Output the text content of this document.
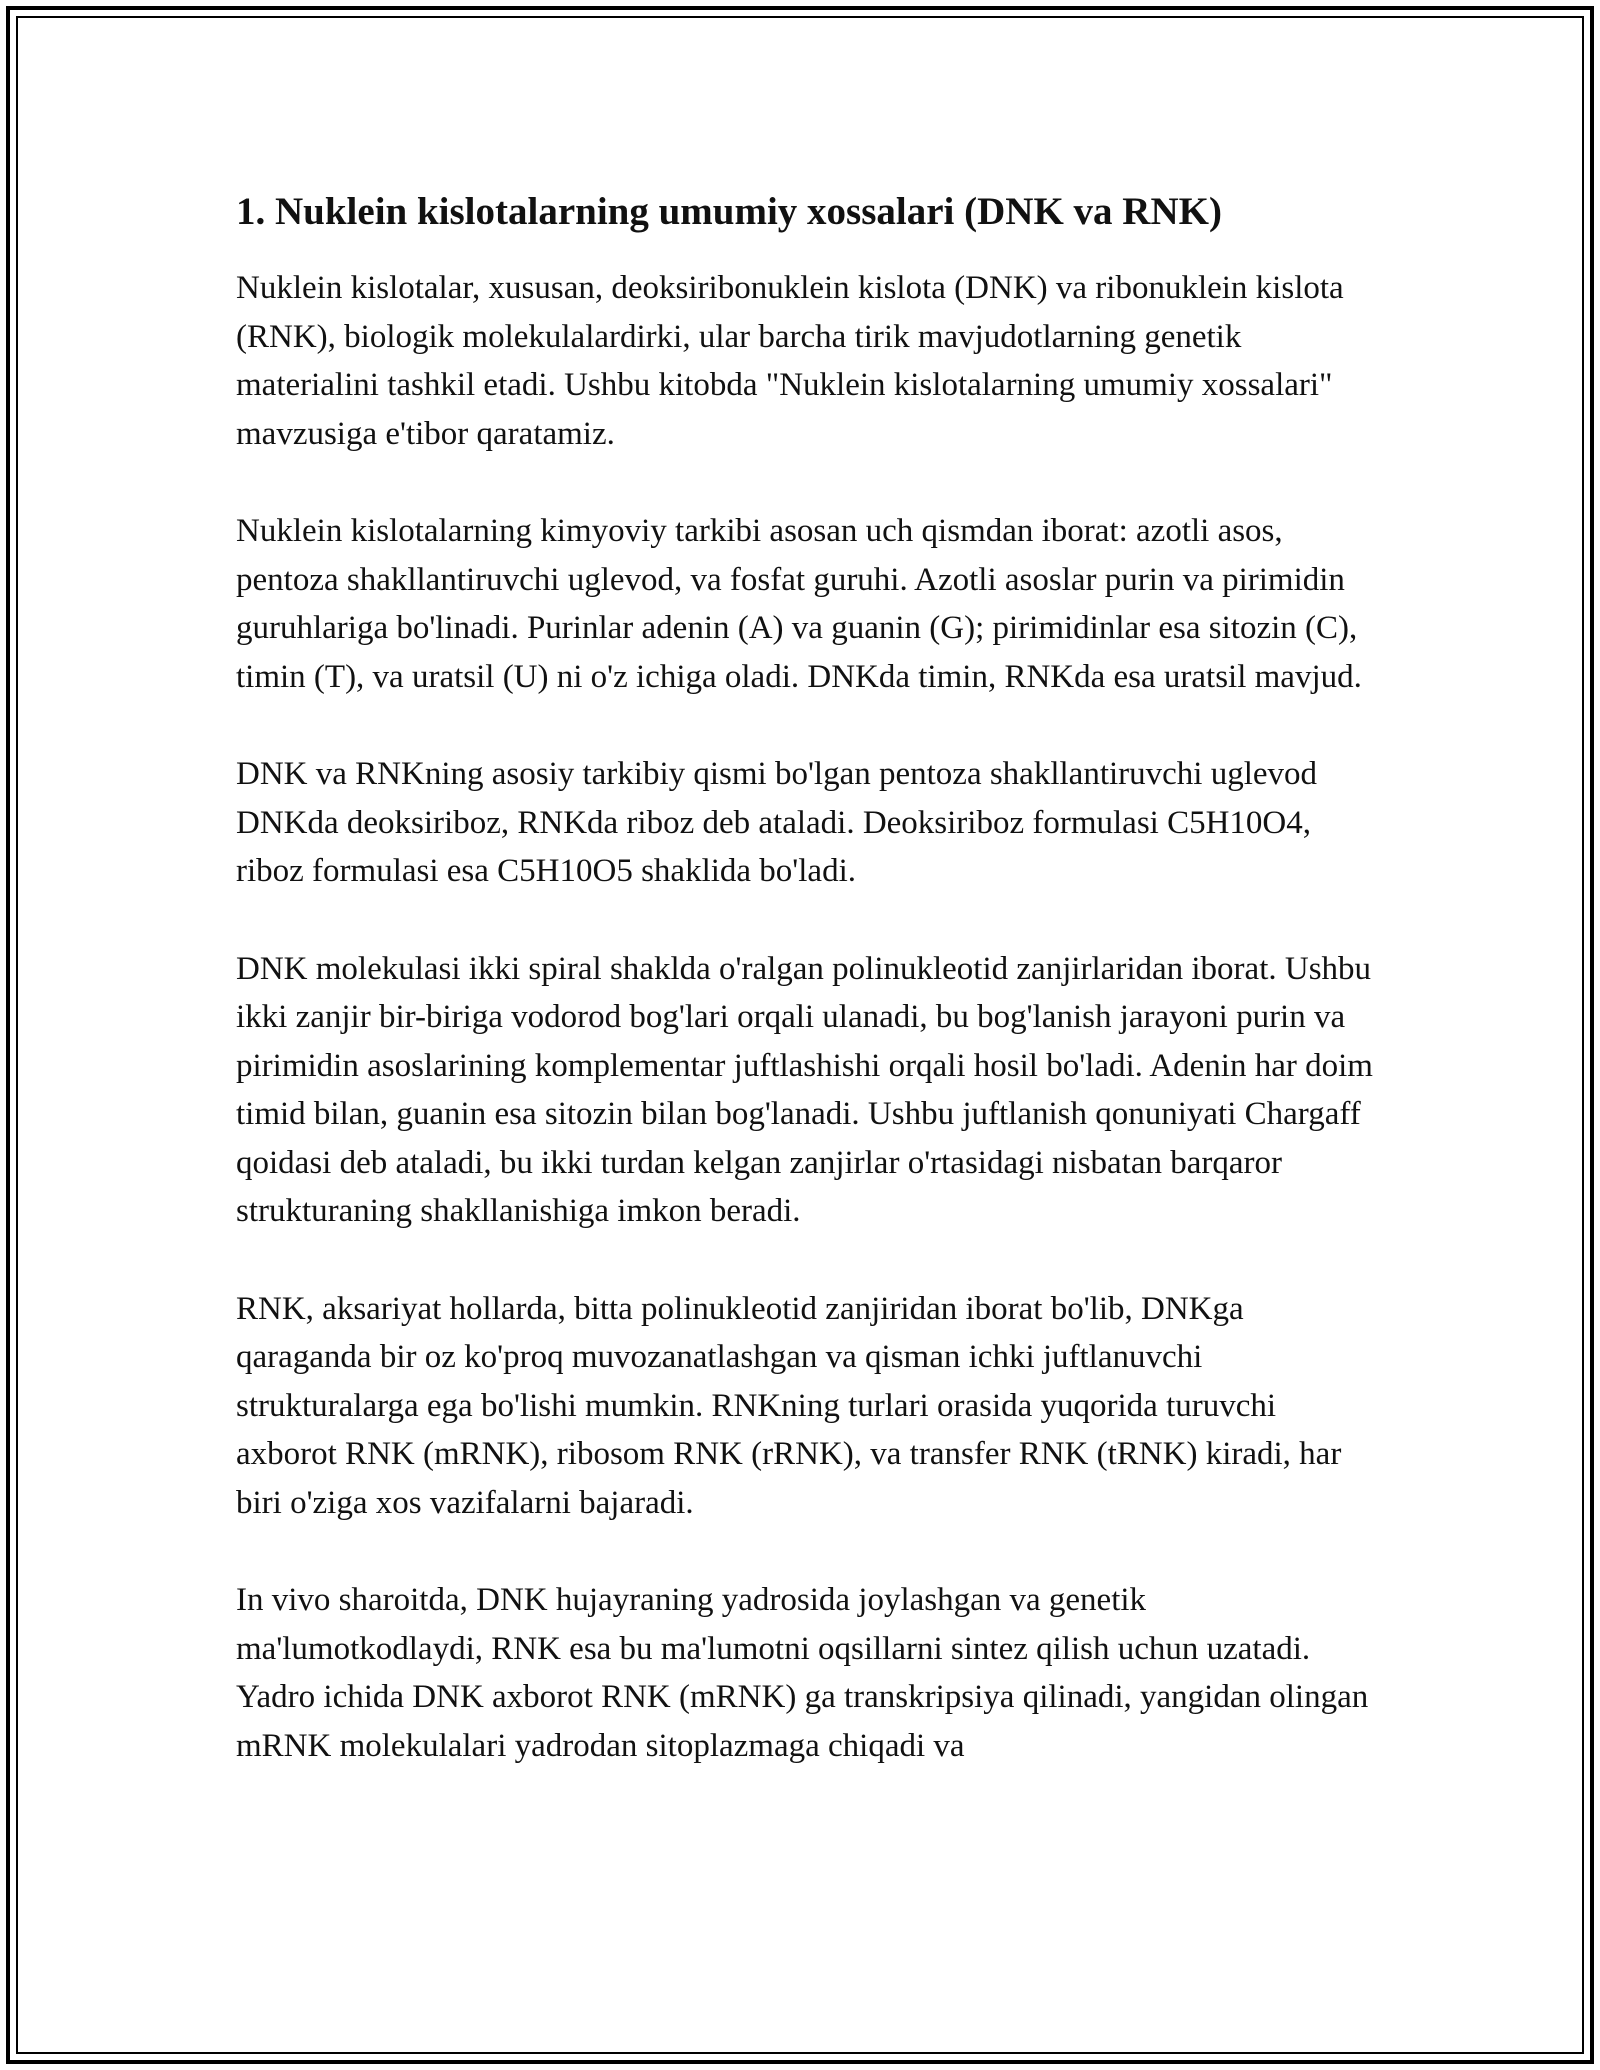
1. Nuklein kislotalarning umumiy xossalari (DNK va RNK)

Nuklein kislotalar, xususan, deoksiribonuklein kislota (DNK) va ribonuklein kislota (RNK), biologik molekulalardirki, ular barcha tirik mavjudotlarning genetik materialini tashkil etadi. Ushbu kitobda "Nuklein kislotalarning umumiy xossalari" mavzusiga e'tibor qaratamiz.

Nuklein kislotalarning kimyoviy tarkibi asosan uch qismdan iborat: azotli asos, pentoza shakllantiruvchi uglevod, va fosfat guruhi. Azotli asoslar purin va pirimidin guruhlariga bo'linadi. Purinlar adenin (A) va guanin (G); pirimidinlar esa sitozin (C), timin (T), va uratsil (U) ni o'z ichiga oladi. DNKda timin, RNKda esa uratsil mavjud.

DNK va RNKning asosiy tarkibiy qismi bo'lgan pentoza shakllantiruvchi uglevod DNKda deoksiriboz, RNKda riboz deb ataladi. Deoksiriboz formulasi C5H10O4, riboz formulasi esa C5H10O5 shaklida bo'ladi.

DNK molekulasi ikki spiral shaklda o'ralgan polinukleotid zanjirlaridan iborat. Ushbu ikki zanjir bir-biriga vodorod bog'lari orqali ulanadi, bu bog'lanish jarayoni purin va pirimidin asoslarining komplementar juftlashishi orqali hosil bo'ladi. Adenin har doim timid bilan, guanin esa sitozin bilan bog'lanadi. Ushbu juftlanish qonuniyati Chargaff qoidasi deb ataladi, bu ikki turdan kelgan zanjirlar o'rtasidagi nisbatan barqaror strukturaning shakllanishiga imkon beradi.

RNK, aksariyat hollarda, bitta polinukleotid zanjiridan iborat bo'lib, DNKga qaraganda bir oz ko'proq muvozanatlashgan va qisman ichki juftlanuvchi strukturalarga ega bo'lishi mumkin. RNKning turlari orasida yuqorida turuvchi axborot RNK (mRNK), ribosom RNK (rRNK), va transfer RNK (tRNK) kiradi, har biri o'ziga xos vazifalarni bajaradi.

In vivo sharoitda, DNK hujayraning yadrosida joylashgan va genetik ma'lumotkodlaydi, RNK esa bu ma'lumotni oqsillarni sintez qilish uchun uzatadi. Yadro ichida DNK axborot RNK (mRNK) ga transkripsiya qilinadi, yangidan olingan mRNK molekulalari yadrodan sitoplazmaga chiqadi va
